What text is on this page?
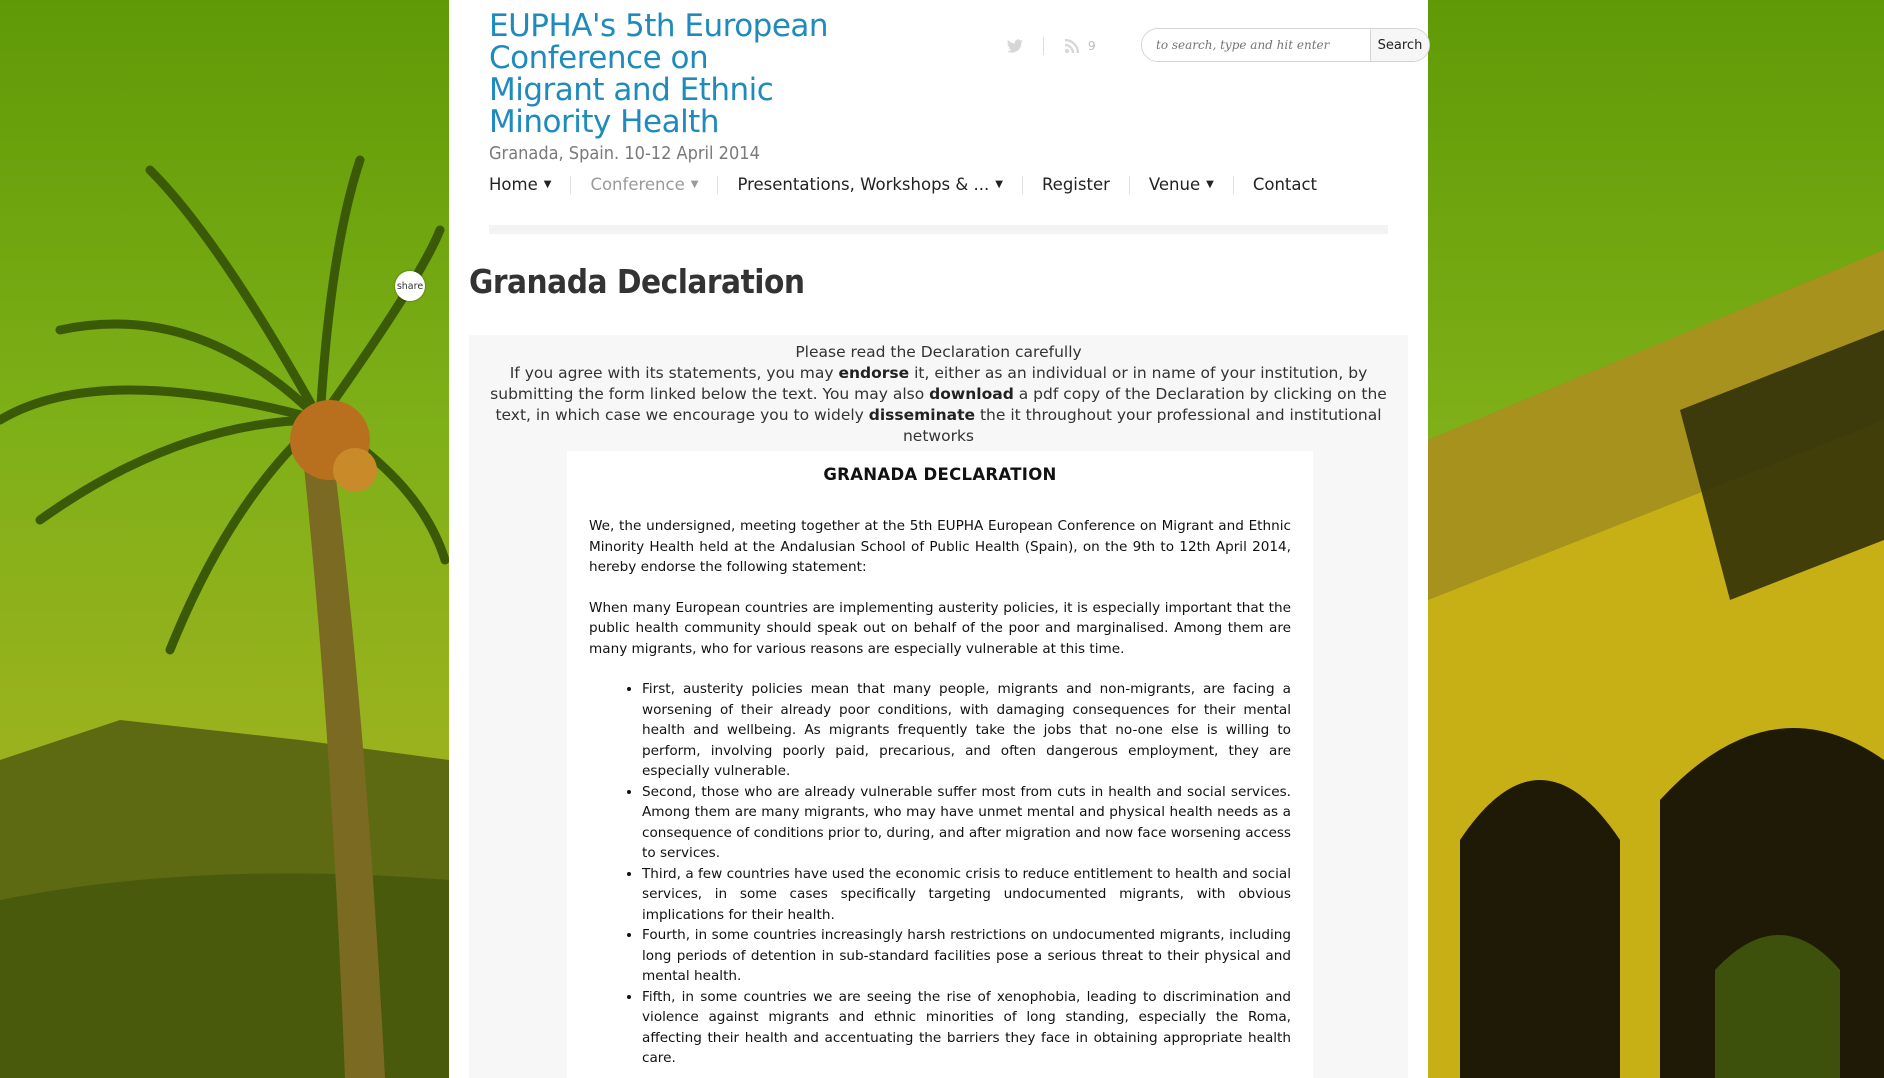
share
EUPHA's 5th European Conference on Migrant and Ethnic Minority Health
Granada, Spain. 10-12 April 2014
9
to search, type and hit enter	Search
Home ▼ Conference ▼ Presentations, Workshops & ... ▼ Register Venue ▼ Contact
Granada Declaration
Please read the Declaration carefully
If you agree with its statements, you may endorse it, either as an individual or in name of your institution, by submitting the form linked below the text. You may also download a pdf copy of the Declaration by clicking on the text, in which case we encourage you to widely disseminate the it throughout your professional and institutional networks
GRANADA DECLARATION

We, the undersigned, meeting together at the 5th EUPHA European Conference on Migrant and Ethnic Minority Health held at the Andalusian School of Public Health (Spain), on the 9th to 12th April 2014, hereby endorse the following statement:

When many European countries are implementing austerity policies, it is especially important that the public health community should speak out on behalf of the poor and marginalised. Among them are many migrants, who for various reasons are especially vulnerable at this time.

• First, austerity policies mean that many people, migrants and non-migrants, are facing a worsening of their already poor conditions, with damaging consequences for their mental health and wellbeing. As migrants frequently take the jobs that no-one else is willing to perform, involving poorly paid, precarious, and often dangerous employment, they are especially vulnerable.
• Second, those who are already vulnerable suffer most from cuts in health and social services. Among them are many migrants, who may have unmet mental and physical health needs as a consequence of conditions prior to, during, and after migration and now face worsening access to services.
• Third, a few countries have used the economic crisis to reduce entitlement to health and social services, in some cases specifically targeting undocumented migrants, with obvious implications for their health.
• Fourth, in some countries increasingly harsh restrictions on undocumented migrants, including long periods of detention in sub-standard facilities pose a serious threat to their physical and mental health.
• Fifth, in some countries we are seeing the rise of xenophobia, leading to discrimination and violence against migrants and ethnic minorities of long standing, especially the Roma, affecting their health and accentuating the barriers they face in obtaining appropriate health care.
